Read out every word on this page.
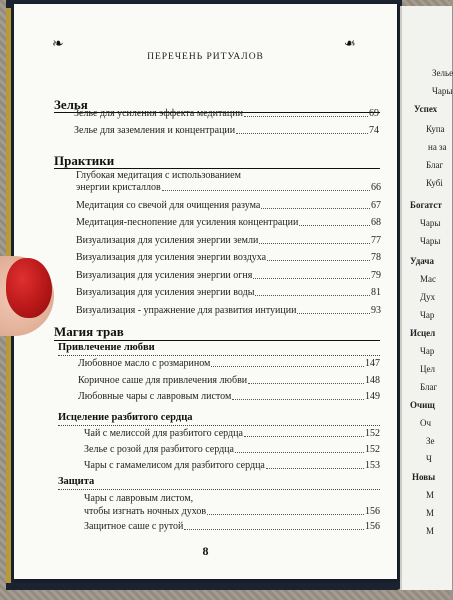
Зелье
Чары
Успех
Купа
на за
Благ
Кубі
Богатст
Чары
Чары
Удача
Мас
Дух
Чар
Исцел
Чар
Цел
Благ
Очищ
Оч
Зе
Ч
Новы
М
М
М
❧	❧
ПЕРЕЧЕНЬ РИТУАЛОВ
Зелья
Зелье для усиления эффекта медитации	69
Зелье для заземления и концентрации	74
Практики
Глубокая медитация с использованием
энергии кристаллов	66
Медитация со свечой для очищения разума	67
Медитация-песнопение для усиления концентрации	68
Визуализация для усиления энергии земли	77
Визуализация для усиления энергии воздуха	78
Визуализация для усиления энергии огня	79
Визуализация для усиления энергии воды	81
Визуализация - упражнение для развития интуиции	93
Магия трав
Привлечение любви
Любовное масло с розмарином	147
Коричное саше для привлечения любви	148
Любовные чары с лавровым листом	149
Исцеление разбитого сердца
Чай с мелиссой для разбитого сердца	152
Зелье с розой для разбитого сердца	152
Чары с гамамелисом для разбитого сердца	153
Защита
Чары с лавровым листом,
чтобы изгнать ночных духов	156
Защитное саше с рутой	156
8
